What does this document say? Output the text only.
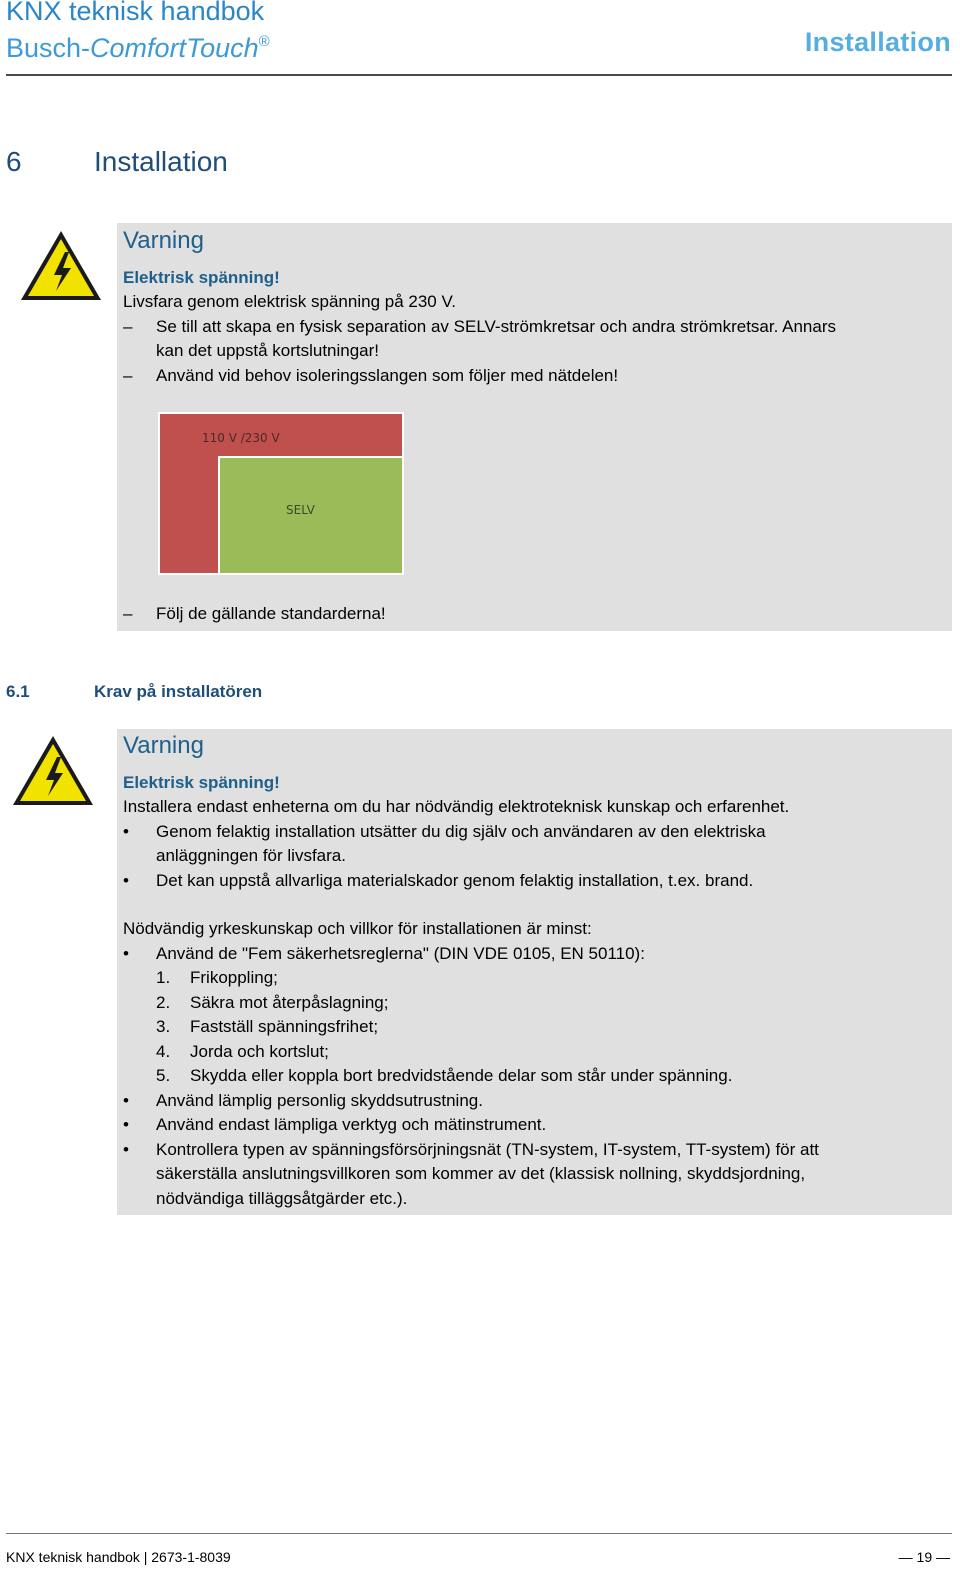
KNX teknisk handbok
Busch-ComfortTouch®	Installation
6	Installation
Varning
Elektrisk spänning!
Livsfara genom elektrisk spänning på 230 V.
– Se till att skapa en fysisk separation av SELV-strömkretsar och andra strömkretsar. Annars
kan det uppstå kortslutningar!
– Använd vid behov isoleringsslangen som följer med nätdelen!
110 V /230 V
SELV
– Följ de gällande standarderna!
6.1	Krav på installatören
Varning
Elektrisk spänning!
Installera endast enheterna om du har nödvändig elektroteknisk kunskap och erfarenhet.
• Genom felaktig installation utsätter du dig själv och användaren av den elektriska
anläggningen för livsfara.
• Det kan uppstå allvarliga materialskador genom felaktig installation, t.ex. brand.
Nödvändig yrkeskunskap och villkor för installationen är minst:
• Använd de "Fem säkerhetsreglerna" (DIN VDE 0105, EN 50110):
1. Frikoppling;
2. Säkra mot återpåslagning;
3. Fastställ spänningsfrihet;
4. Jorda och kortslut;
5. Skydda eller koppla bort bredvidstående delar som står under spänning.
• Använd lämplig personlig skyddsutrustning.
• Använd endast lämpliga verktyg och mätinstrument.
• Kontrollera typen av spänningsförsörjningsnät (TN-system, IT-system, TT-system) för att
säkerställa anslutningsvillkoren som kommer av det (klassisk nollning, skyddsjordning,
nödvändiga tilläggsåtgärder etc.).
KNX teknisk handbok | 2673-1-8039	— 19 —
